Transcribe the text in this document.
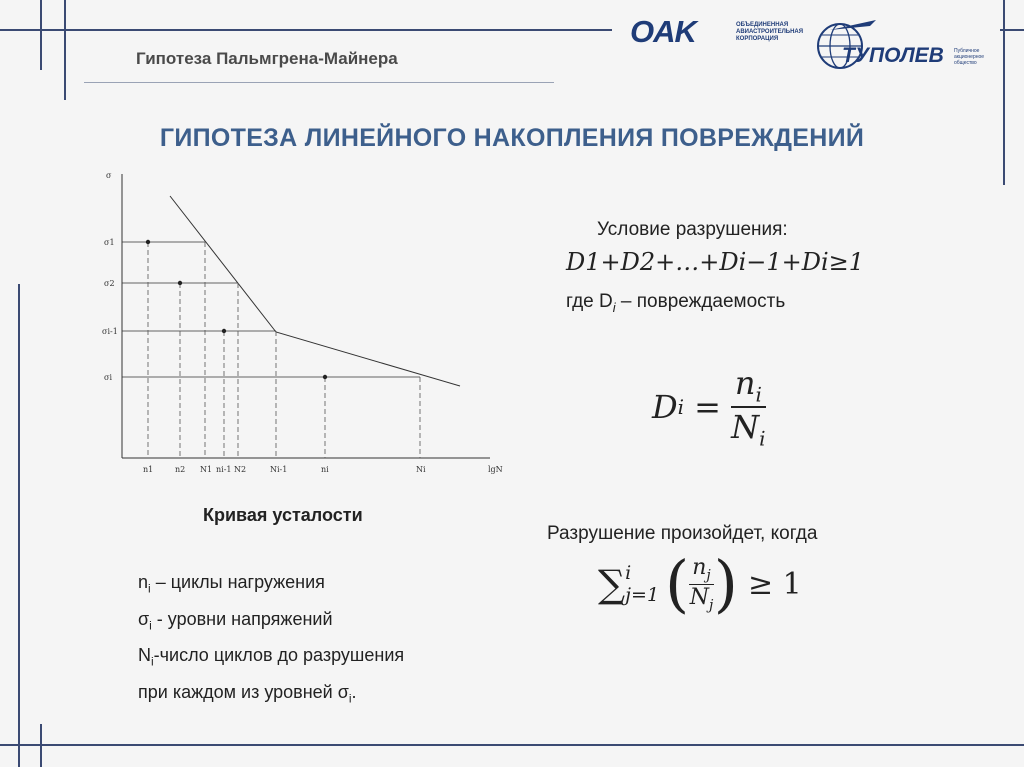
Гипотеза Пальмгрена-Майнера
OAK	ОБЪЕДИНЕННАЯ
АВИАСТРОИТЕЛЬНАЯ
КОРПОРАЦИЯ
ТУПОЛЕВ Публичное
акционерное
общество
ГИПОТЕЗА ЛИНЕЙНОГО НАКОПЛЕНИЯ ПОВРЕЖДЕНИЙ
σ
lgN
σ1
σ2
σi-1
σi
n1	n2 N1 ni-1 N2	Ni-1	ni	Ni
Кривая усталости
$n_i$ – циклы нагружения
$\sigma_i$ - уровни напряжений
$N_i$-число циклов до разрушения
при каждом из уровней $\sigma_i$.
Условие разрушения:
D1+D2+…+Di−1+Di≥1
где $D_i$ – повреждаемость
D $i = \frac{n_i}{N_i}$
Разрушение произойдет, когда
∑ i
j=1 ( $n_j$
$N_j$ ) ≥ 1
